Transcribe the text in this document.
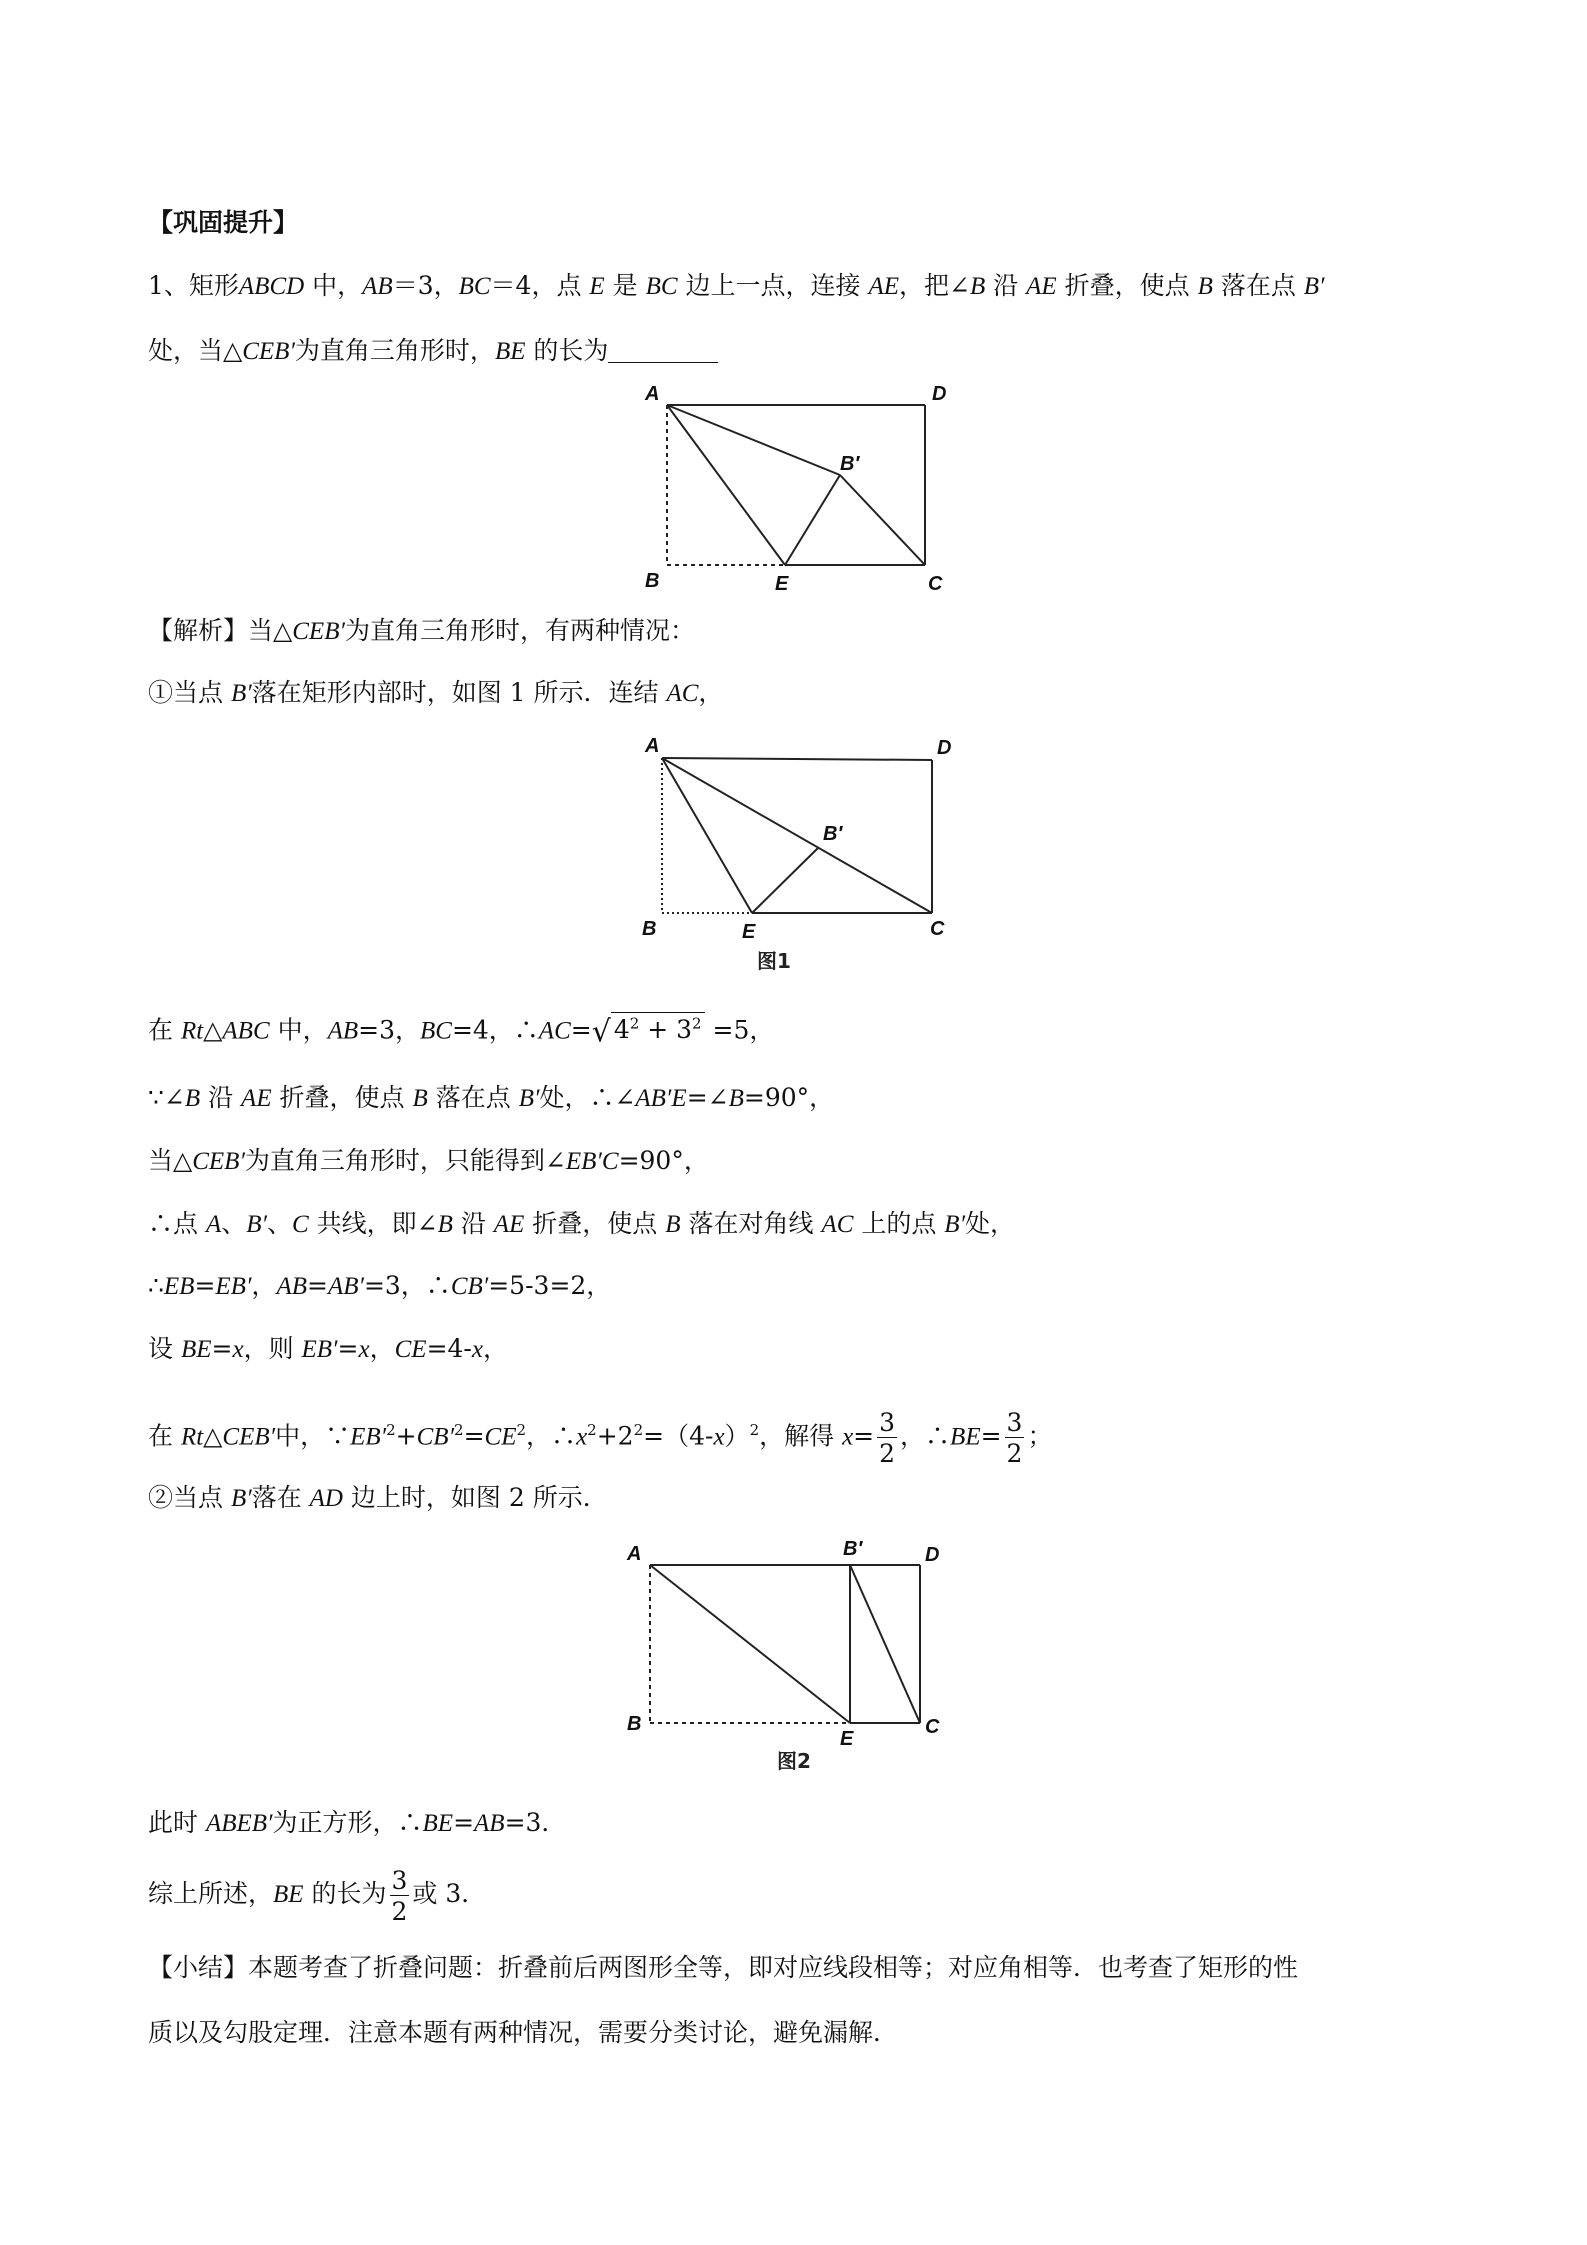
【巩固提升】
1、矩形ABCD 中，AB＝3，BC＝4，点 E 是 BC 边上一点，连接 AE，把∠B 沿 AE 折叠，使点 B 落在点 B′
处，当△CEB′为直角三角形时，BE 的长为
A	D
B	E	C
B′
【解析】当△CEB′为直角三角形时，有两种情况：
①当点 B′落在矩形内部时，如图 1 所示．连结 AC，
A	D
B	E	C
B′
图1
在 Rt△ABC 中，AB=3，BC=4，∴AC=√ $4^2 + 3^2 =5$，
∵∠B 沿 AE 折叠，使点 B 落在点 B′处，∴∠AB′E=∠B=90°，
当△CEB′为直角三角形时，只能得到∠EB′C=90°，
∴点 A、B′、C 共线，即∠B 沿 AE 折叠，使点 B 落在对角线 AC 上的点 B′处，
∴EB=EB′，AB=AB′=3，∴CB′=5-3=2，
设 BE=x，则 EB′=x，CE=4-x，
在 Rt△CEB′中，$\because EB'^2+CB'^2=CE^2$，$\therefore x^2+2^2=(4-x)^2$，解得 $x= \frac{3}{2}$ ，∴BE= $\frac{3}{2}$ ；
②当点 B′落在 AD 边上时，如图 2 所示．
A	B′	D
B
E
C
图2
此时 ABEB′为正方形，∴BE=AB=3．
综上所述，BE 的长为 $\frac{3}{2}$ 或 3．
【小结】本题考查了折叠问题：折叠前后两图形全等，即对应线段相等；对应角相等．也考查了矩形的性
质以及勾股定理．注意本题有两种情况，需要分类讨论，避免漏解．
